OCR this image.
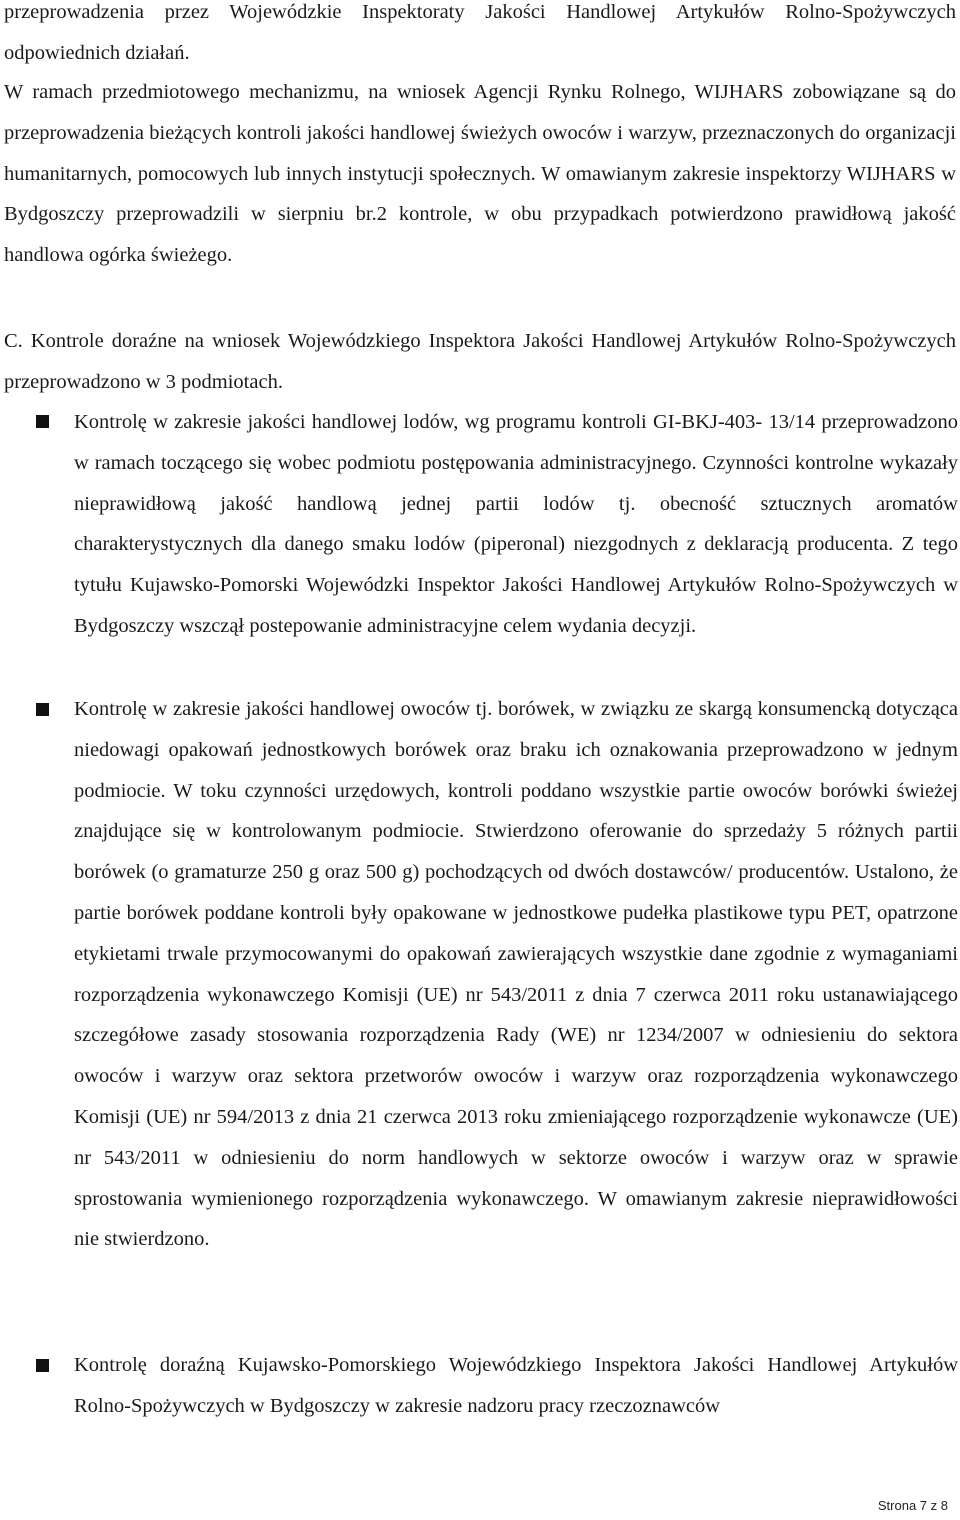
przeprowadzenia przez Wojewódzkie Inspektoraty Jakości Handlowej Artykułów Rolno-Spożywczych odpowiednich działań.

W ramach przedmiotowego mechanizmu, na wniosek Agencji Rynku Rolnego, WIJHARS zobowiązane są do przeprowadzenia bieżących kontroli jakości handlowej świeżych owoców i warzyw, przeznaczonych do organizacji humanitarnych, pomocowych lub innych instytucji społecznych. W omawianym zakresie inspektorzy WIJHARS w Bydgoszczy przeprowadzili w sierpniu br.2 kontrole, w obu przypadkach potwierdzono prawidłową jakość handlowa ogórka świeżego.

C. Kontrole doraźne na wniosek Wojewódzkiego Inspektora Jakości Handlowej Artykułów Rolno-Spożywczych przeprowadzono w 3 podmiotach.

Kontrolę w zakresie jakości handlowej lodów, wg programu kontroli GI-BKJ-403- 13/14 przeprowadzono w ramach toczącego się wobec podmiotu postępowania administracyjnego. Czynności kontrolne wykazały nieprawidłową jakość handlową jednej partii lodów tj. obecność sztucznych aromatów charakterystycznych dla danego smaku lodów (piperonal) niezgodnych z deklaracją producenta. Z tego tytułu Kujawsko-Pomorski Wojewódzki Inspektor Jakości Handlowej Artykułów Rolno-Spożywczych w Bydgoszczy wszczął postepowanie administracyjne celem wydania decyzji.

Kontrolę w zakresie jakości handlowej owoców tj. borówek, w związku ze skargą konsumencką dotycząca niedowagi opakowań jednostkowych borówek oraz braku ich oznakowania przeprowadzono w jednym podmiocie. W toku czynności urzędowych, kontroli poddano wszystkie partie owoców borówki świeżej znajdujące się w kontrolowanym podmiocie. Stwierdzono oferowanie do sprzedaży 5 różnych partii borówek (o gramaturze 250 g oraz 500 g) pochodzących od dwóch dostawców/ producentów. Ustalono, że partie borówek poddane kontroli były opakowane w jednostkowe pudełka plastikowe typu PET, opatrzone etykietami trwale przymocowanymi do opakowań zawierających wszystkie dane zgodnie z wymaganiami rozporządzenia wykonawczego Komisji (UE) nr 543/2011 z dnia 7 czerwca 2011 roku ustanawiającego szczegółowe zasady stosowania rozporządzenia Rady (WE) nr 1234/2007 w odniesieniu do sektora owoców i warzyw oraz sektora przetworów owoców i warzyw oraz rozporządzenia wykonawczego Komisji (UE) nr 594/2013 z dnia 21 czerwca 2013 roku zmieniającego rozporządzenie wykonawcze (UE) nr 543/2011 w odniesieniu do norm handlowych w sektorze owoców i warzyw oraz w sprawie sprostowania wymienionego rozporządzenia wykonawczego. W omawianym zakresie nieprawidłowości nie stwierdzono.

Kontrolę doraźną Kujawsko-Pomorskiego Wojewódzkiego Inspektora Jakości Handlowej Artykułów Rolno-Spożywczych w Bydgoszczy w zakresie nadzoru pracy rzeczoznawców

Strona 7 z 8
